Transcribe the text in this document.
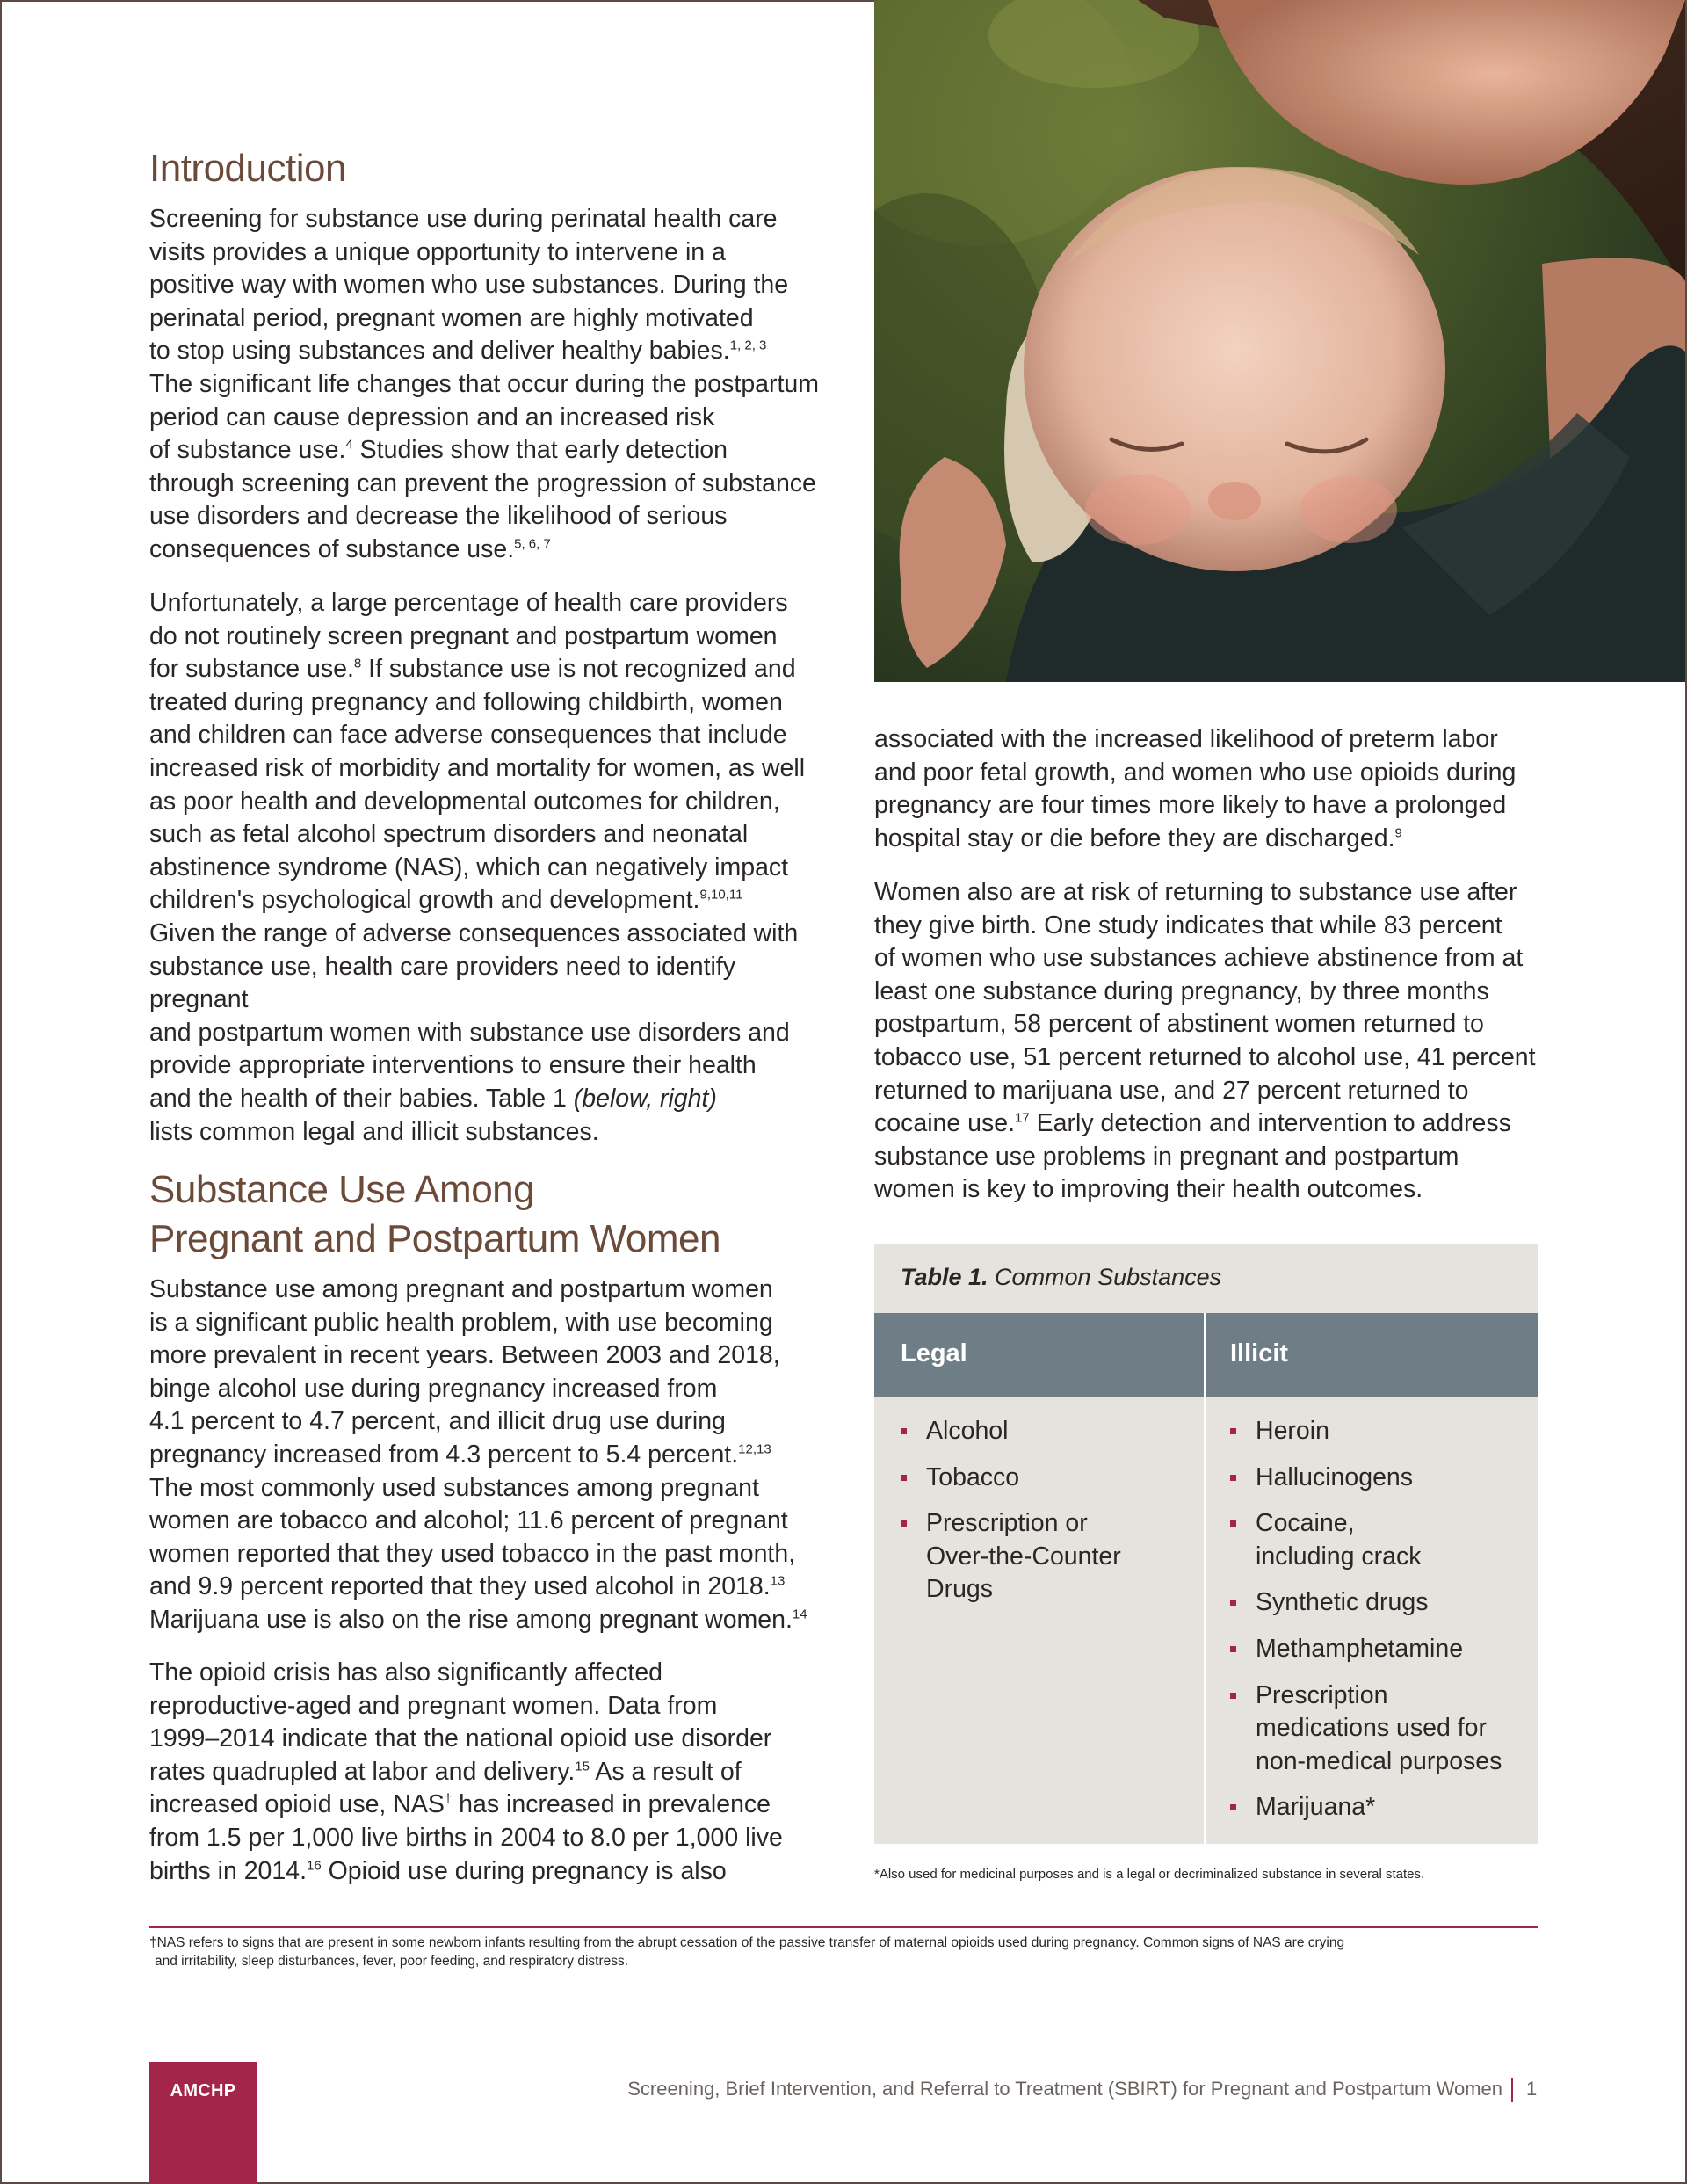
Introduction

Screening for substance use during perinatal health care

visits provides a unique opportunity to intervene in a

positive way with women who use substances. During the

perinatal period, pregnant women are highly motivated

to stop using substances and deliver healthy babies.$^{1, 2, 3}$

The significant life changes that occur during the postpartum

period can cause depression and an increased risk

of substance use.$^4$ Studies show that early detection

through screening can prevent the progression of substance

use disorders and decrease the likelihood of serious

consequences of substance use.$^{5, 6, 7}$

Unfortunately, a large percentage of health care providers

do not routinely screen pregnant and postpartum women

for substance use.$^8$ If substance use is not recognized and

treated during pregnancy and following childbirth, women

and children can face adverse consequences that include

increased risk of morbidity and mortality for women, as well

as poor health and developmental outcomes for children,

such as fetal alcohol spectrum disorders and neonatal

abstinence syndrome (NAS), which can negatively impact

children's psychological growth and development.$^{9,10,11}$

Given the range of adverse consequences associated with

substance use, health care providers need to identify pregnant

and postpartum women with substance use disorders and

provide appropriate interventions to ensure their health

and the health of their babies. Table 1 (below, right)

lists common legal and illicit substances.

Substance Use Among
Pregnant and Postpartum Women

Substance use among pregnant and postpartum women

is a significant public health problem, with use becoming

more prevalent in recent years. Between 2003 and 2018,

binge alcohol use during pregnancy increased from

4.1 percent to 4.7 percent, and illicit drug use during

pregnancy increased from 4.3 percent to 5.4 percent.$^{12,13}$

The most commonly used substances among pregnant

women are tobacco and alcohol; 11.6 percent of pregnant

women reported that they used tobacco in the past month,

and 9.9 percent reported that they used alcohol in 2018.13

Marijuana use is also on the rise among pregnant women.$^{14}$

The opioid crisis has also significantly affected

reproductive-aged and pregnant women. Data from

1999–2014 indicate that the national opioid use disorder

rates quadrupled at labor and delivery.$^{15}$ As a result of

increased opioid use, NAS† has increased in prevalence

from 1.5 per 1,000 live births in 2004 to 8.0 per 1,000 live

births in 2014.16 Opioid use during pregnancy is also

associated with the increased likelihood of preterm labor

and poor fetal growth, and women who use opioids during

pregnancy are four times more likely to have a prolonged

hospital stay or die before they are discharged.$^9$

Women also are at risk of returning to substance use after

they give birth. One study indicates that while 83 percent

of women who use substances achieve abstinence from at

least one substance during pregnancy, by three months

postpartum, 58 percent of abstinent women returned to

tobacco use, 51 percent returned to alcohol use, 41 percent

returned to marijuana use, and 27 percent returned to

cocaine use.$^{17}$ Early detection and intervention to address

substance use problems in pregnant and postpartum

women is key to improving their health outcomes.

Table 1. Common Substances
Legal	Illicit
Alcohol
Tobacco
Prescription or
Over-the-Counter
Drugs
Heroin
Hallucinogens
Cocaine,
including crack
Synthetic drugs
Methamphetamine
Prescription
medications used for
non-medical purposes
Marijuana*
*Also used for medicinal purposes and is a legal or decriminalized substance in several states.
†NAS refers to signs that are present in some newborn infants resulting from the abrupt cessation of the passive transfer of maternal opioids used during pregnancy. Common signs of NAS are crying
and irritability, sleep disturbances, fever, poor feeding, and respiratory distress.
AMCHP	Screening, Brief Intervention, and Referral to Treatment (SBIRT) for Pregnant and Postpartum Women 1
